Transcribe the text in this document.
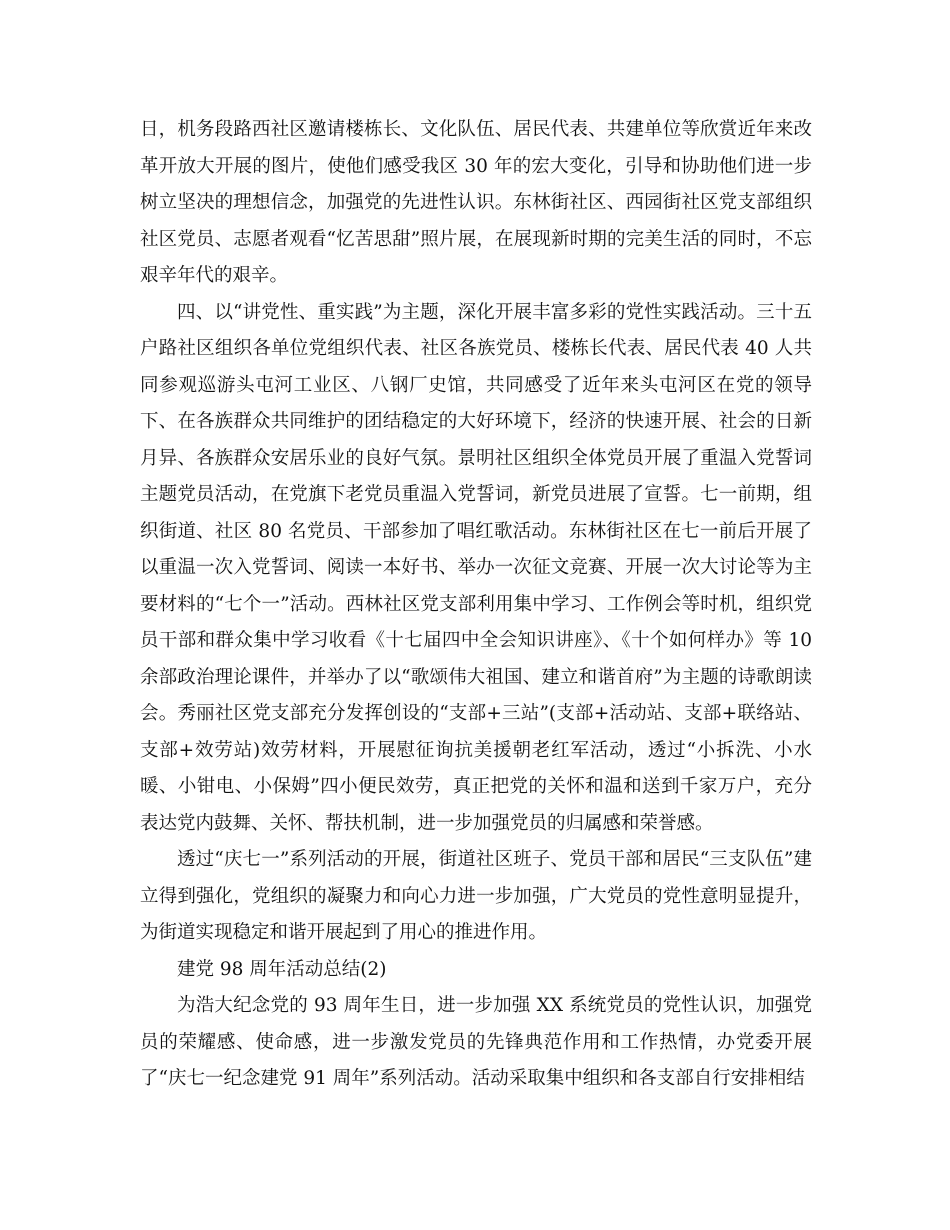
日，机务段路西社区邀请楼栋长、文化队伍、居民代表、共建单位等欣赏近年来改革开放大开展的图片，使他们感受我区 30 年的宏大变化，引导和协助他们进一步树立坚决的理想信念，加强党的先进性认识。东林街社区、西园街社区党支部组织社区党员、志愿者观看“忆苦思甜”照片展，在展现新时期的完美生活的同时，不忘艰辛年代的艰辛。

四、以“讲党性、重实践”为主题，深化开展丰富多彩的党性实践活动。三十五户路社区组织各单位党组织代表、社区各族党员、楼栋长代表、居民代表 40 人共同参观巡游头屯河工业区、八钢厂史馆，共同感受了近年来头屯河区在党的领导下、在各族群众共同维护的团结稳定的大好环境下，经济的快速开展、社会的日新月异、各族群众安居乐业的良好气氛。景明社区组织全体党员开展了重温入党誓词主题党员活动，在党旗下老党员重温入党誓词，新党员进展了宣誓。七一前期，组织街道、社区 80 名党员、干部参加了唱红歌活动。东林街社区在七一前后开展了以重温一次入党誓词、阅读一本好书、举办一次征文竞赛、开展一次大讨论等为主要材料的“七个一”活动。西林社区党支部利用集中学习、工作例会等时机，组织党员干部和群众集中学习收看《十七届四中全会知识讲座》、《十个如何样办》等 10 余部政治理论课件，并举办了以“歌颂伟大祖国、建立和谐首府”为主题的诗歌朗读会。秀丽社区党支部充分发挥创设的“支部+三站”(支部+活动站、支部+联络站、支部+效劳站)效劳材料，开展慰征询抗美援朝老红军活动，透过“小拆洗、小水暖、小钳电、小保姆”四小便民效劳，真正把党的关怀和温和送到千家万户，充分表达党内鼓舞、关怀、帮扶机制，进一步加强党员的归属感和荣誉感。

透过“庆七一”系列活动的开展，街道社区班子、党员干部和居民“三支队伍”建立得到强化，党组织的凝聚力和向心力进一步加强，广大党员的党性意明显提升，为街道实现稳定和谐开展起到了用心的推进作用。

建党 98 周年活动总结(2)

为浩大纪念党的 93 周年生日，进一步加强 XX 系统党员的党性认识，加强党员的荣耀感、使命感，进一步激发党员的先锋典范作用和工作热情，办党委开展了“庆七一纪念建党 91 周年”系列活动。活动采取集中组织和各支部自行安排相结
